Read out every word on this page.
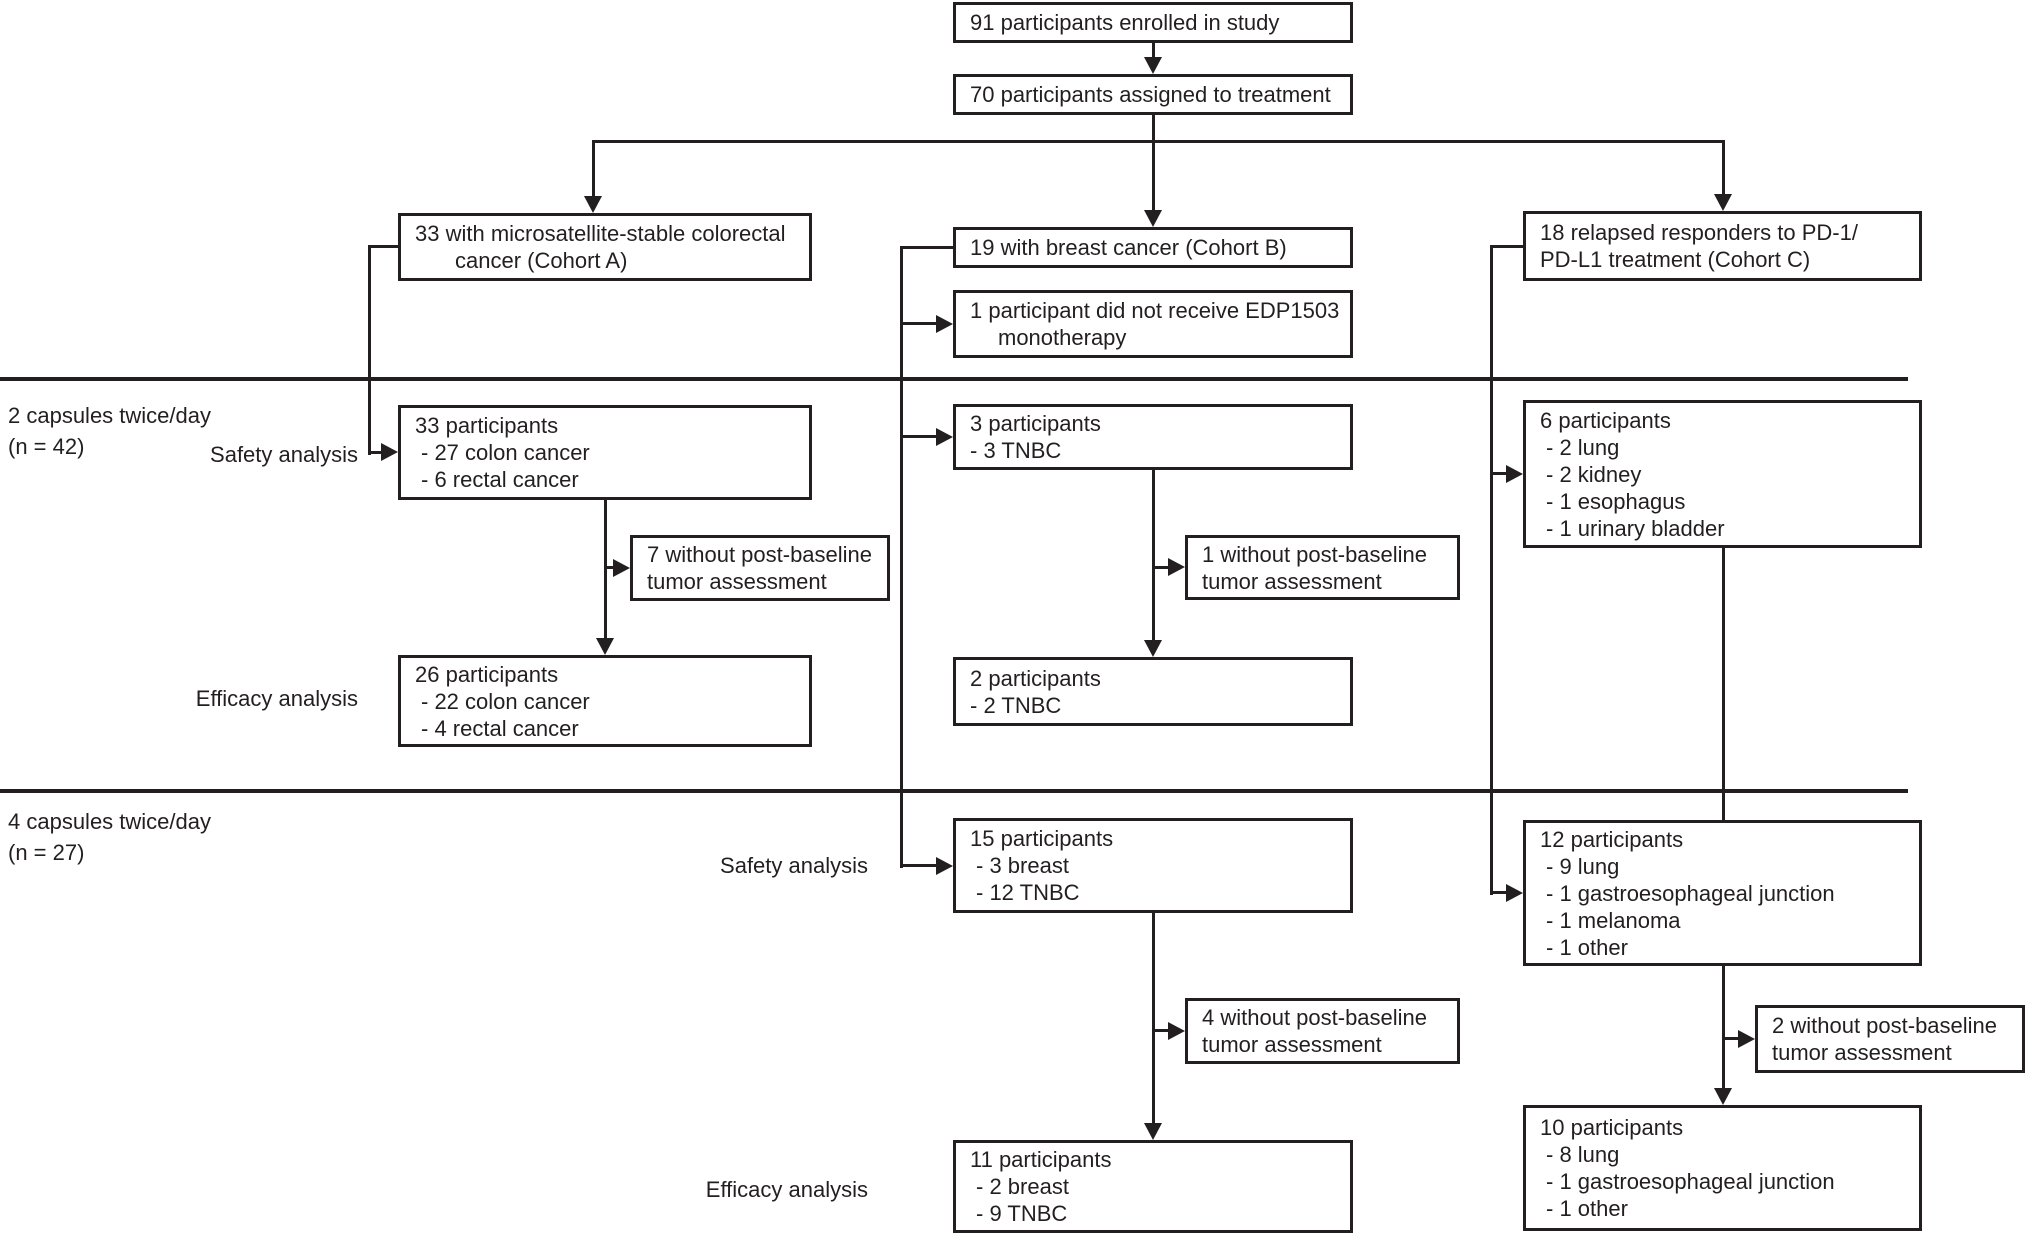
2 capsules twice/day
(n = 42)
4 capsules twice/day
(n = 27)
Safety analysis
Efficacy analysis
Safety analysis
Efficacy analysis
91 participants enrolled in study
70 participants assigned to treatment
33 with microsatellite-stable colorectal
cancer (Cohort A)
19 with breast cancer (Cohort B)
18 relapsed responders to PD-1/
PD-L1 treatment (Cohort C)
1 participant did not receive EDP1503
monotherapy
33 participants
- 27 colon cancer
- 6 rectal cancer
3 participants
- 3 TNBC
6 participants
- 2 lung
- 2 kidney
- 1 esophagus
- 1 urinary bladder
7 without post-baseline
tumor assessment
1 without post-baseline
tumor assessment
26 participants
- 22 colon cancer
- 4 rectal cancer
2 participants
- 2 TNBC
15 participants
- 3 breast
- 12 TNBC
12 participants
- 9 lung
- 1 gastroesophageal junction
- 1 melanoma
- 1 other
4 without post-baseline
tumor assessment
2 without post-baseline
tumor assessment
11 participants
- 2 breast
- 9 TNBC
10 participants
- 8 lung
- 1 gastroesophageal junction
- 1 other
